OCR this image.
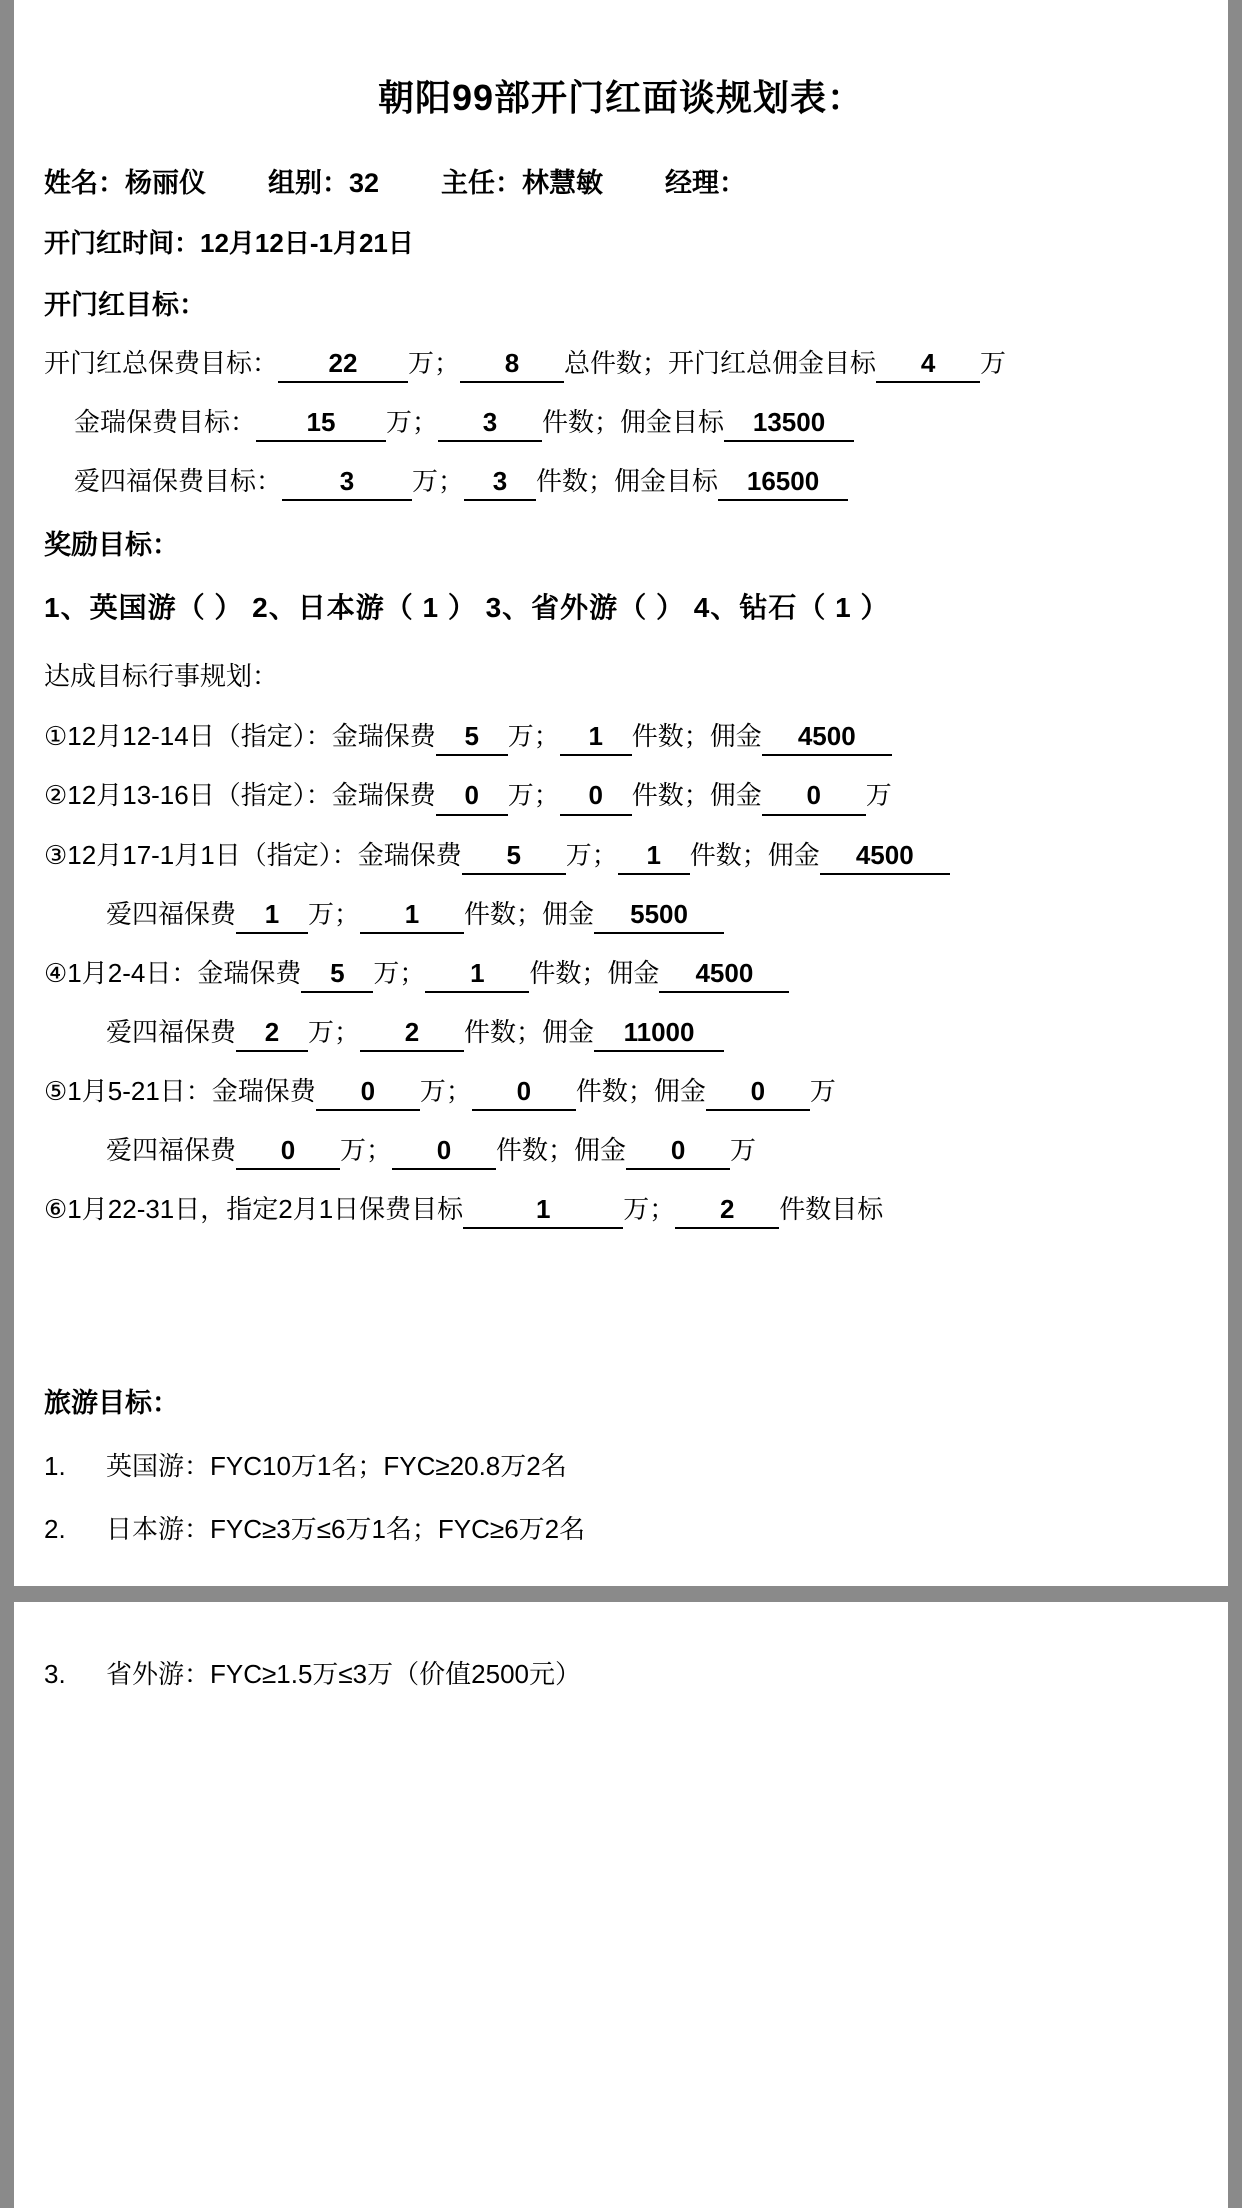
朝阳99部开门红面谈规划表：
姓名：杨丽仪 组别：32 主任：林慧敏 经理：
开门红时间：12月12日-1月21日
开门红目标：
开门红总保费目标： 22 万； 8 总件数；开门红总佣金目标 4 万
金瑞保费目标： 15 万； 3 件数；佣金目标 13500
爱四福保费目标： 3 万； 3 件数；佣金目标 16500
奖励目标：
1、英国游（ ） 2、日本游（ 1 ） 3、省外游（ ） 4、钻石（ 1 ）
达成目标行事规划：
①12月12-14日（指定）：金瑞保费 5 万； 1 件数；佣金 4500
②12月13-16日（指定）：金瑞保费 0 万； 0 件数；佣金 0 万
③12月17-1月1日（指定）：金瑞保费 5 万； 1 件数；佣金 4500
爱四福保费 1 万； 1 件数；佣金 5500
④1月2-4日：金瑞保费 5 万； 1 件数；佣金 4500
爱四福保费 2 万； 2 件数；佣金 11000
⑤1月5-21日：金瑞保费 0 万； 0 件数；佣金 0 万
爱四福保费 0 万； 0 件数；佣金 0 万
⑥1月22-31日，指定2月1日保费目标	1	万； 2 件数目标
旅游目标：
1. 英国游：FYC10万1名；FYC≥20.8万2名
2. 日本游：FYC≥3万≤6万1名；FYC≥6万2名
3. 省外游：FYC≥1.5万≤3万（价值2500元）
